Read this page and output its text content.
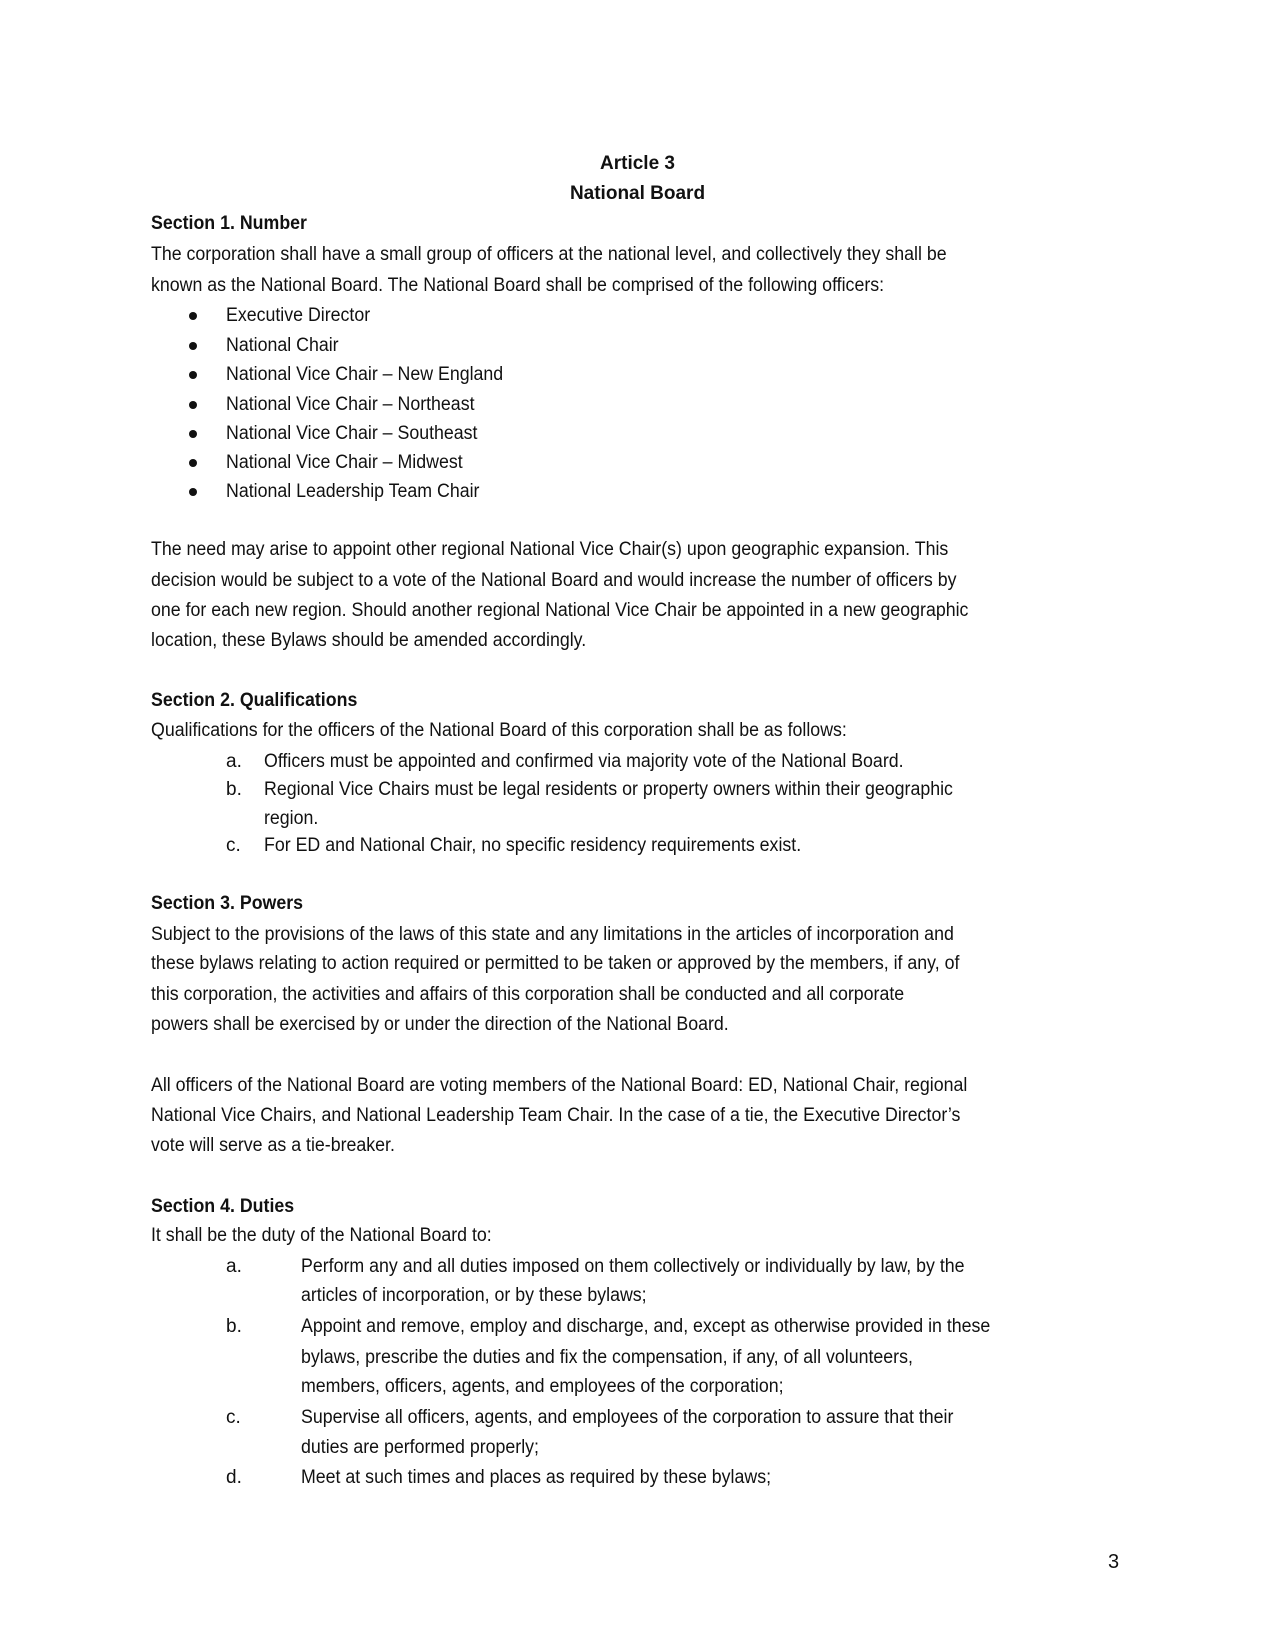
Article 3
National Board
Section 1. Number
The corporation shall have a small group of officers at the national level, and collectively they shall be
known as the National Board. The National Board shall be comprised of the following officers:
Executive Director
National Chair
National Vice Chair – New England
National Vice Chair – Northeast
National Vice Chair – Southeast
National Vice Chair – Midwest
National Leadership Team Chair
The need may arise to appoint other regional National Vice Chair(s) upon geographic expansion. This
decision would be subject to a vote of the National Board and would increase the number of officers by
one for each new region. Should another regional National Vice Chair be appointed in a new geographic
location, these Bylaws should be amended accordingly.
Section 2. Qualifications
Qualifications for the officers of the National Board of this corporation shall be as follows:
a. Officers must be appointed and confirmed via majority vote of the National Board.
b. Regional Vice Chairs must be legal residents or property owners within their geographic
region.
c. For ED and National Chair, no specific residency requirements exist.
Section 3. Powers
Subject to the provisions of the laws of this state and any limitations in the articles of incorporation and
these bylaws relating to action required or permitted to be taken or approved by the members, if any, of
this corporation, the activities and affairs of this corporation shall be conducted and all corporate
powers shall be exercised by or under the direction of the National Board.
All officers of the National Board are voting members of the National Board: ED, National Chair, regional
National Vice Chairs, and National Leadership Team Chair. In the case of a tie, the Executive Director’s
vote will serve as a tie-breaker.
Section 4. Duties
It shall be the duty of the National Board to:
a.	Perform any and all duties imposed on them collectively or individually by law, by the
articles of incorporation, or by these bylaws;
b.	Appoint and remove, employ and discharge, and, except as otherwise provided in these
bylaws, prescribe the duties and fix the compensation, if any, of all volunteers,
members, officers, agents, and employees of the corporation;
c.	Supervise all officers, agents, and employees of the corporation to assure that their
duties are performed properly;
d.	Meet at such times and places as required by these bylaws;
3
